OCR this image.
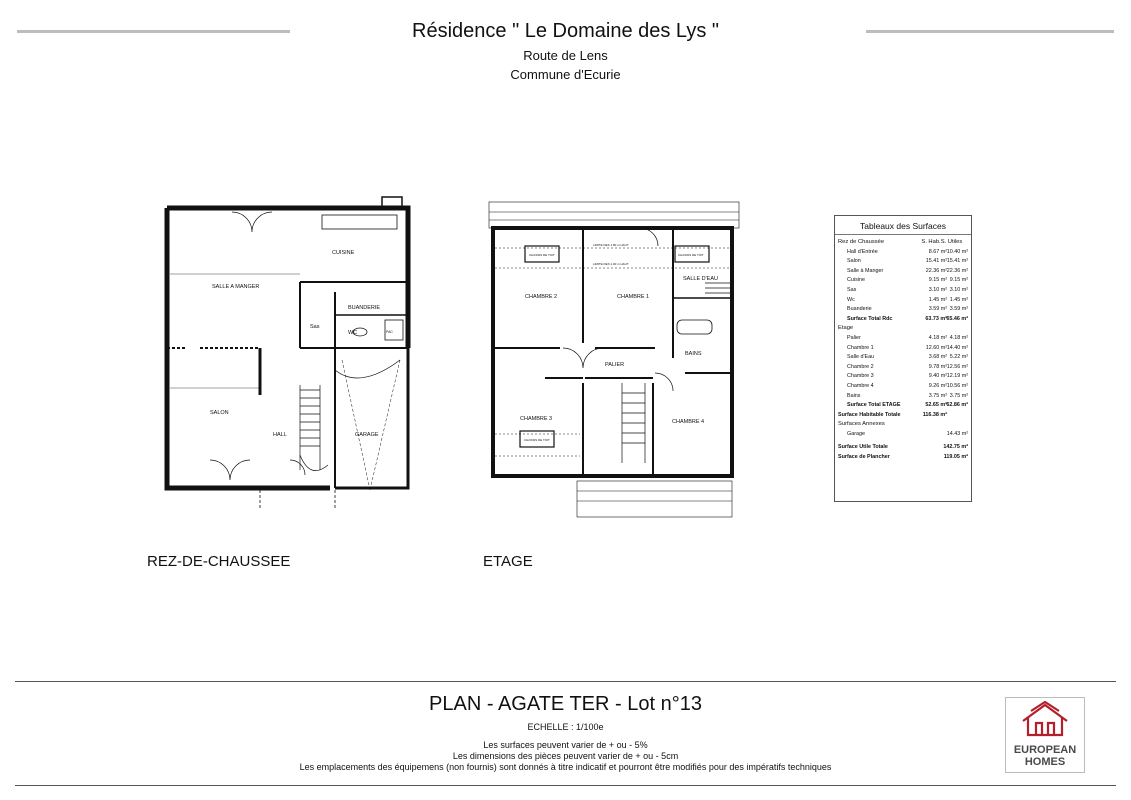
Résidence " Le Domaine des Lys "
Route de Lens
Commune d'Ecurie
CUISINE
SALLE A MANGER
BUANDERIE
Sas
WC
SALON
HALL	GARAGE
PAC
CHAMBRE 2	CHAMBRE 1
SALLE D'EAU
BAINS
PALIER
CHAMBRE 3	CHAMBRE 4
CHASSIS DE TOIT	CHASSIS DE TOIT
CHASSIS DE TOIT
LIMITE DES 1.80 m HAUT
LIMITE DES 1.00 m HAUT
REZ-DE-CHAUSSEE	ETAGE
Tableaux des Surfaces
Rez de Chaussée	S. Hab. S. Utiles
Hall d'Entrée	8.67 m² 10.40 m²
Salon	15.41 m² 15.41 m²
Salle à Manger	22.36 m² 22.36 m²
Cuisine	9.15 m² 9.15 m²
Sas	3.10 m² 3.10 m²
Wc	1.45 m² 1.45 m²
Buanderie	3.59 m² 3.59 m²
Surface Total Rdc	63.73 m² 65.46 m²
Etage
Palier	4.18 m² 4.18 m²
Chambre 1	12.60 m² 14.40 m²
Salle d'Eau	3.68 m² 5.22 m²
Chambre 2	9.78 m² 12.56 m²
Chambre 3	9.40 m² 12.19 m²
Chambre 4	9.26 m² 10.56 m²
Bains	3.75 m² 3.75 m²
Surface Total ETAGE	52.65 m² 62.86 m²
Surface Habitable Totale	116.38 m²
Surfaces Annexes
Garage	14.43 m²
Surface Utile Totale	142.75 m²
Surface de Plancher	119.05 m²
PLAN - AGATE TER - Lot n°13
ECHELLE : 1/100e
Les surfaces peuvent varier de + ou - 5%
Les dimensions des pièces peuvent varier de + ou - 5cm
Les emplacements des équipemens (non fournis) sont donnés à titre indicatif et pourront être modifiés pour des impératifs techniques
EUROPEAN
HOMES
